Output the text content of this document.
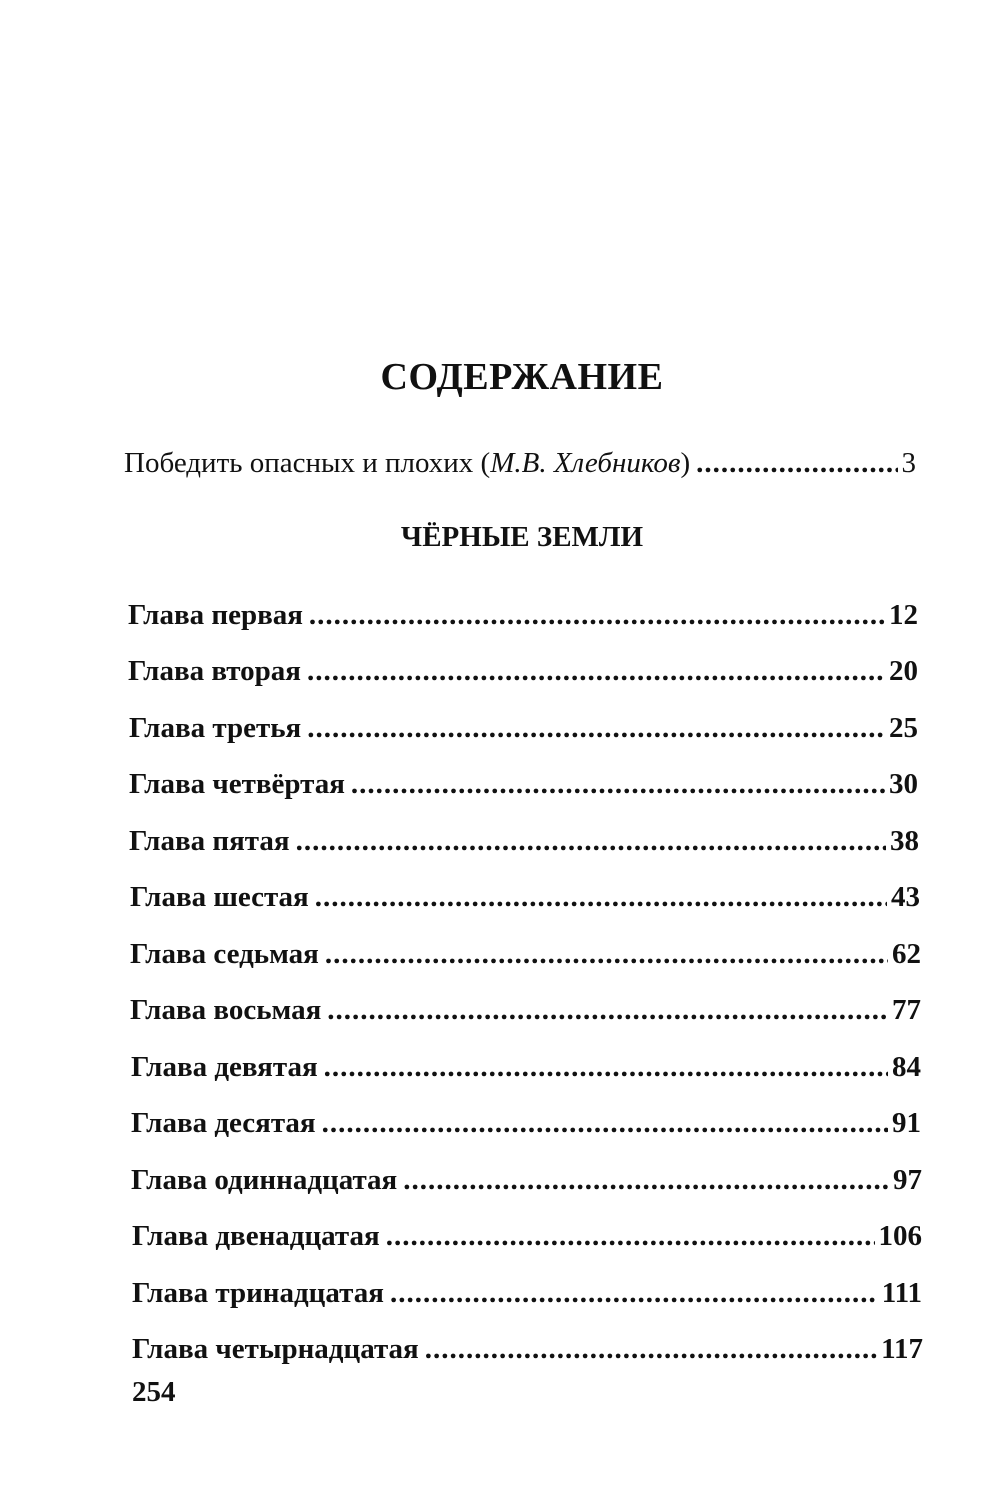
СОДЕРЖАНИЕ
Победить опасных и плохих (М.В. Хлебников) .....	3
ЧЁРНЫЕ ЗЕМЛИ
Глава первая .....	12
Глава вторая .....	20
Глава третья .....	25
Глава четвёртая .....	30
Глава пятая .....	38
Глава шестая .....	43
Глава седьмая .....	62
Глава восьмая .....	77
Глава девятая .....	84
Глава десятая .....	91
Глава одиннадцатая .....	97
Глава двенадцатая .....	106
Глава тринадцатая .....	111
Глава четырнадцатая .....	117
254
